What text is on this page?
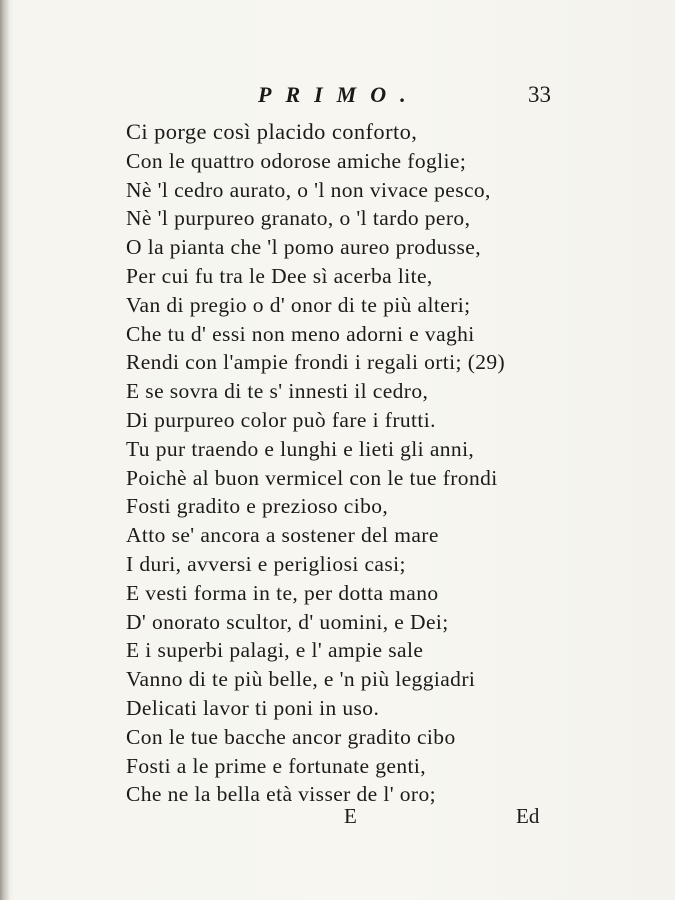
PRIMO.	33
Ci porge così placido conforto,
Con le quattro odorose amiche foglie;
Nè 'l cedro aurato, o 'l non vivace pesco,
Nè 'l purpureo granato, o 'l tardo pero,
O la pianta che 'l pomo aureo produsse,
Per cui fu tra le Dee sì acerba lite,
Van di pregio o d' onor di te più alteri;
Che tu d' essi non meno adorni e vaghi
Rendi con l'ampie frondi i regali orti; (29)
E se sovra di te s' innesti il cedro,
Di purpureo color può fare i frutti.
Tu pur traendo e lunghi e lieti gli anni,
Poichè al buon vermicel con le tue frondi
Fosti gradito e prezioso cibo,
Atto se' ancora a sostener del mare
I duri, avversi e perigliosi casi;
E vesti forma in te, per dotta mano
D' onorato scultor, d' uomini, e Dei;
E i superbi palagi, e l' ampie sale
Vanno di te più belle, e 'n più leggiadri
Delicati lavor ti poni in uso.
Con le tue bacche ancor gradito cibo
Fosti a le prime e fortunate genti,
Che ne la bella età visser de l' oro;
E	Ed
